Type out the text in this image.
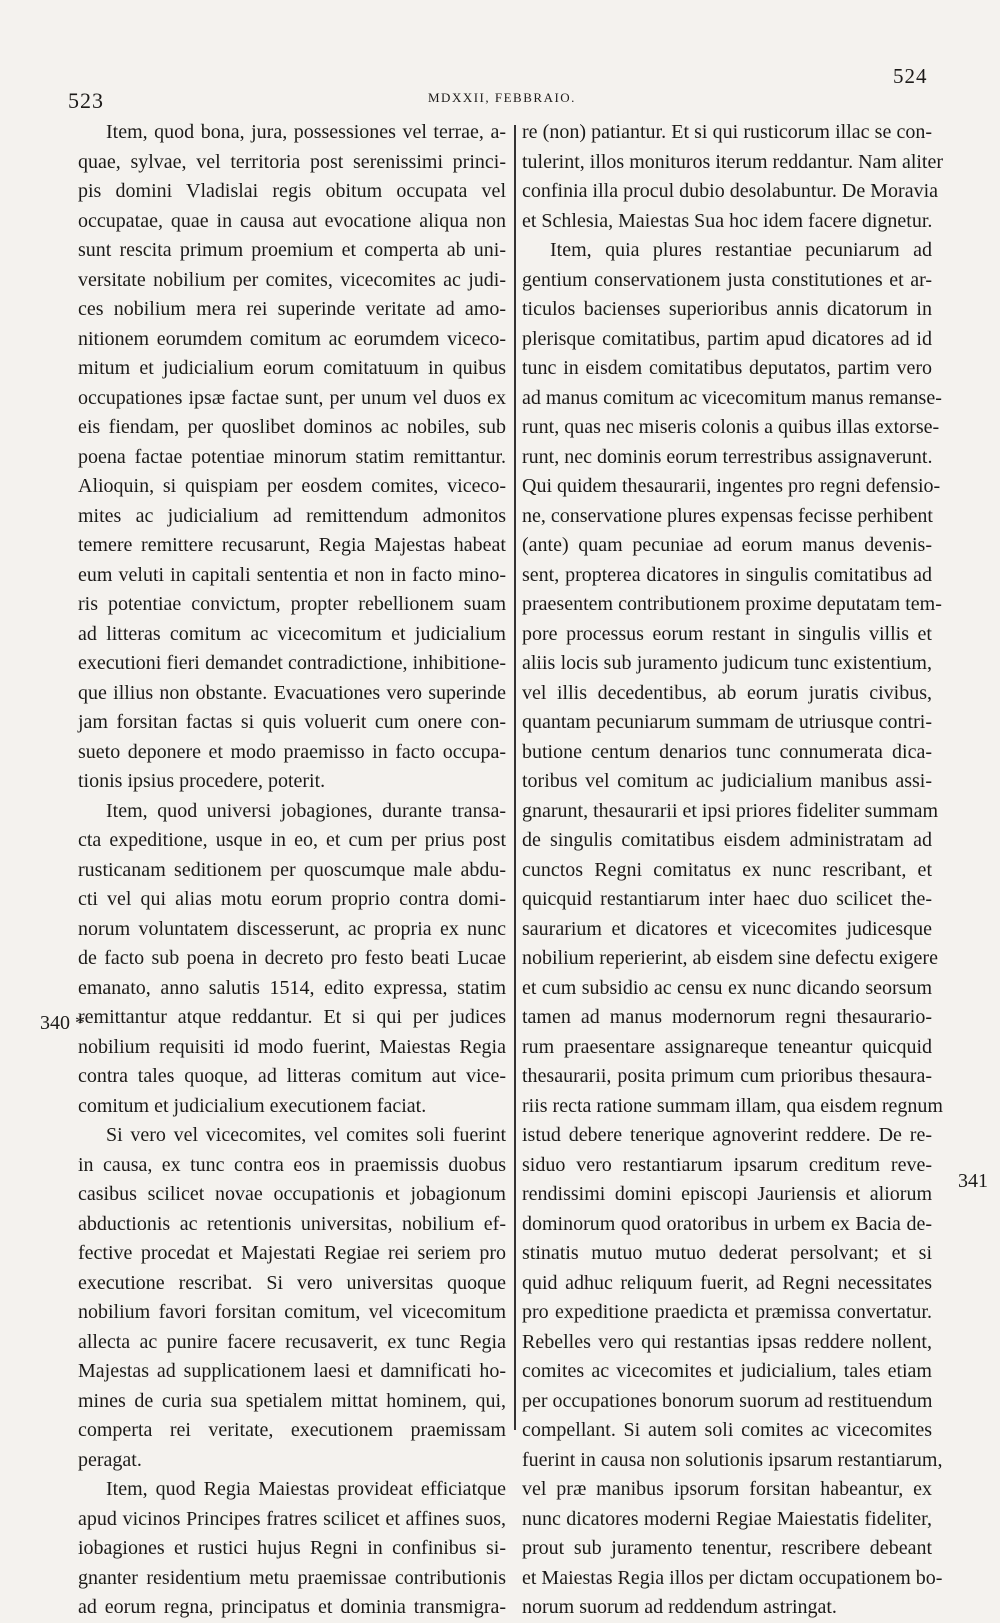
523	MDXXII, FEBBRAIO.
524
340 *
341
Item, quod bona, jura, possessiones vel terrae, a-
quae, sylvae, vel territoria post serenissimi princi-
pis domini Vladislai regis obitum occupata vel
occupatae, quae in causa aut evocatione aliqua non
sunt rescita primum proemium et comperta ab uni-
versitate nobilium per comites, vicecomites ac judi-
ces nobilium mera rei superinde veritate ad amo-
nitionem eorumdem comitum ac eorumdem viceco-
mitum et judicialium eorum comitatuum in quibus
occupationes ipsæ factae sunt, per unum vel duos ex
eis fiendam, per quoslibet dominos ac nobiles, sub
poena factae potentiae minorum statim remittantur.
Alioquin, si quispiam per eosdem comites, viceco-
mites ac judicialium ad remittendum admonitos
temere remittere recusarunt, Regia Majestas habeat
eum veluti in capitali sententia et non in facto mino-
ris potentiae convictum, propter rebellionem suam
ad litteras comitum ac vicecomitum et judicialium
executioni fieri demandet contradictione, inhibitione-
que illius non obstante. Evacuationes vero superinde
jam forsitan factas si quis voluerit cum onere con-
sueto deponere et modo praemisso in facto occupa-
tionis ipsius procedere, poterit.
Item, quod universi jobagiones, durante transa-
cta expeditione, usque in eo, et cum per prius post
rusticanam seditionem per quoscumque male abdu-
cti vel qui alias motu eorum proprio contra domi-
norum voluntatem discesserunt, ac propria ex nunc
de facto sub poena in decreto pro festo beati Lucae
emanato, anno salutis 1514, edito expressa, statim
remittantur atque reddantur. Et si qui per judices
nobilium requisiti id modo fuerint, Maiestas Regia
contra tales quoque, ad litteras comitum aut vice-
comitum et judicialium executionem faciat.
Si vero vel vicecomites, vel comites soli fuerint
in causa, ex tunc contra eos in praemissis duobus
casibus scilicet novae occupationis et jobagionum
abductionis ac retentionis universitas, nobilium ef-
fective procedat et Majestati Regiae rei seriem pro
executione rescribat. Si vero universitas quoque
nobilium favori forsitan comitum, vel vicecomitum
allecta ac punire facere recusaverit, ex tunc Regia
Majestas ad supplicationem laesi et damnificati ho-
mines de curia sua spetialem mittat hominem, qui,
comperta rei veritate, executionem praemissam
peragat.
Item, quod Regia Maiestas provideat efficiatque
apud vicinos Principes fratres scilicet et affines suos,
iobagiones et rustici hujus Regni in confinibus si-
gnanter residentium metu praemissae contributionis
ad eorum regna, principatus et dominia transmigra-
re (non) patiantur. Et si qui rusticorum illac se con-
tulerint, illos monituros iterum reddantur. Nam aliter
confinia illa procul dubio desolabuntur. De Moravia
et Schlesia, Maiestas Sua hoc idem facere dignetur.
Item, quia plures restantiae pecuniarum ad
gentium conservationem justa constitutiones et ar-
ticulos bacienses superioribus annis dicatorum in
plerisque comitatibus, partim apud dicatores ad id
tunc in eisdem comitatibus deputatos, partim vero
ad manus comitum ac vicecomitum manus remanse-
runt, quas nec miseris colonis a quibus illas extorse-
runt, nec dominis eorum terrestribus assignaverunt.
Qui quidem thesaurarii, ingentes pro regni defensio-
ne, conservatione plures expensas fecisse perhibent
(ante) quam pecuniae ad eorum manus devenis-
sent, propterea dicatores in singulis comitatibus ad
praesentem contributionem proxime deputatam tem-
pore processus eorum restant in singulis villis et
aliis locis sub juramento judicum tunc existentium,
vel illis decedentibus, ab eorum juratis civibus,
quantam pecuniarum summam de utriusque contri-
butione centum denarios tunc connumerata dica-
toribus vel comitum ac judicialium manibus assi-
gnarunt, thesaurarii et ipsi priores fideliter summam
de singulis comitatibus eisdem administratam ad
cunctos Regni comitatus ex nunc rescribant, et
quicquid restantiarum inter haec duo scilicet the-
saurarium et dicatores et vicecomites judicesque
nobilium reperierint, ab eisdem sine defectu exigere
et cum subsidio ac censu ex nunc dicando seorsum
tamen ad manus modernorum regni thesaurario-
rum praesentare assignareque teneantur quicquid
thesaurarii, posita primum cum prioribus thesaura-
riis recta ratione summam illam, qua eisdem regnum
istud debere tenerique agnoverint reddere. De re-
siduo vero restantiarum ipsarum creditum reve-
rendissimi domini episcopi Jauriensis et aliorum
dominorum quod oratoribus in urbem ex Bacia de-
stinatis mutuo mutuo dederat persolvant; et si
quid adhuc reliquum fuerit, ad Regni necessitates
pro expeditione praedicta et præmissa convertatur.
Rebelles vero qui restantias ipsas reddere nollent,
comites ac vicecomites et judicialium, tales etiam
per occupationes bonorum suorum ad restituendum
compellant. Si autem soli comites ac vicecomites
fuerint in causa non solutionis ipsarum restantiarum,
vel præ manibus ipsorum forsitan habeantur, ex
nunc dicatores moderni Regiae Maiestatis fideliter,
prout sub juramento tenentur, rescribere debeant
et Maiestas Regia illos per dictam occupationem bo-
norum suorum ad reddendum astringat.
